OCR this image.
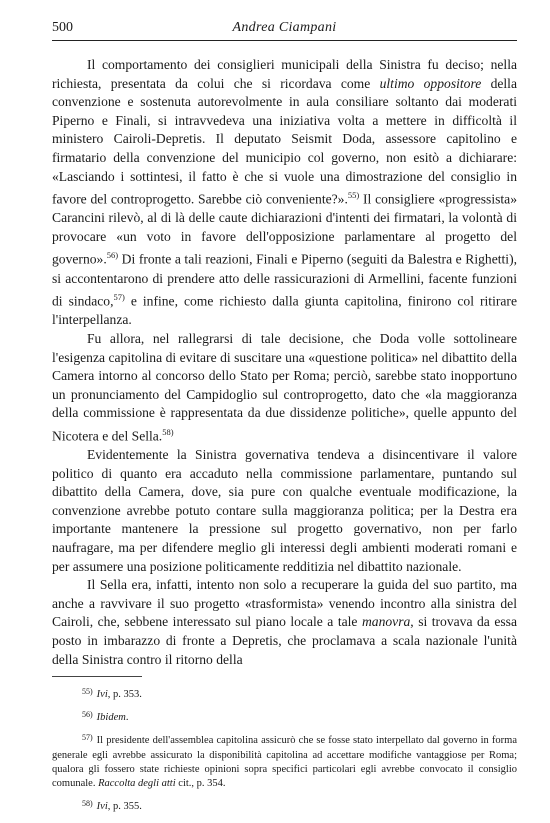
500	Andrea Ciampani

Il comportamento dei consiglieri municipali della Sinistra fu deciso; nella richiesta, presentata da colui che si ricordava come ultimo oppositore della convenzione e sostenuta autorevolmente in aula consiliare soltanto dai moderati Piperno e Finali, si intravvedeva una iniziativa volta a mettere in difficoltà il ministero Cairoli-Depretis. Il deputato Seismit Doda, assessore capitolino e firmatario della convenzione del municipio col governo, non esitò a dichiarare: «Lasciando i sottintesi, il fatto è che si vuole una dimostrazione del consiglio in favore del controprogetto. Sarebbe ciò conveniente?».$^{55)}$ Il consigliere «progressista» Carancini rilevò, al di là delle caute dichiarazioni d'intenti dei firmatari, la volontà di provocare «un voto in favore dell'opposizione parlamentare al progetto del governo».$^{56)}$ Di fronte a tali reazioni, Finali e Piperno (seguiti da Balestra e Righetti), si accontentarono di prendere atto delle rassicurazioni di Armellini, facente funzioni di sindaco,$^{57)}$ e infine, come richiesto dalla giunta capitolina, finirono col ritirare l'interpellanza.

Fu allora, nel rallegrarsi di tale decisione, che Doda volle sottolineare l'esigenza capitolina di evitare di suscitare una «questione politica» nel dibattito della Camera intorno al concorso dello Stato per Roma; perciò, sarebbe stato inopportuno un pronunciamento del Campidoglio sul controprogetto, dato che «la maggioranza della commissione è rappresentata da due dissidenze politiche», quelle appunto del Nicotera e del Sella.$^{58)}$

Evidentemente la Sinistra governativa tendeva a disincentivare il valore politico di quanto era accaduto nella commissione parlamentare, puntando sul dibattito della Camera, dove, sia pure con qualche eventuale modificazione, la convenzione avrebbe potuto contare sulla maggioranza politica; per la Destra era importante mantenere la pressione sul progetto governativo, non per farlo naufragare, ma per difendere meglio gli interessi degli ambienti moderati romani e per assumere una posizione politicamente redditizia nel dibattito nazionale.

Il Sella era, infatti, intento non solo a recuperare la guida del suo partito, ma anche a ravvivare il suo progetto «trasformista» venendo incontro alla sinistra del Cairoli, che, sebbene interessato sul piano locale a tale manovra, si trovava da essa posto in imbarazzo di fronte a Depretis, che proclamava a scala nazionale l'unità della Sinistra contro il ritorno della

$^{55)}$ Ivi, p. 353.

$^{56)}$ Ibidem.

$^{57)}$ Il presidente dell'assemblea capitolina assicurò che se fosse stato interpellato dal governo in forma generale egli avrebbe assicurato la disponibilità capitolina ad accettare modifiche vantaggiose per Roma; qualora gli fossero state richieste opinioni sopra specifici particolari egli avrebbe convocato il consiglio comunale. Raccolta degli atti cit., p. 354.

$^{58)}$ Ivi, p. 355.
